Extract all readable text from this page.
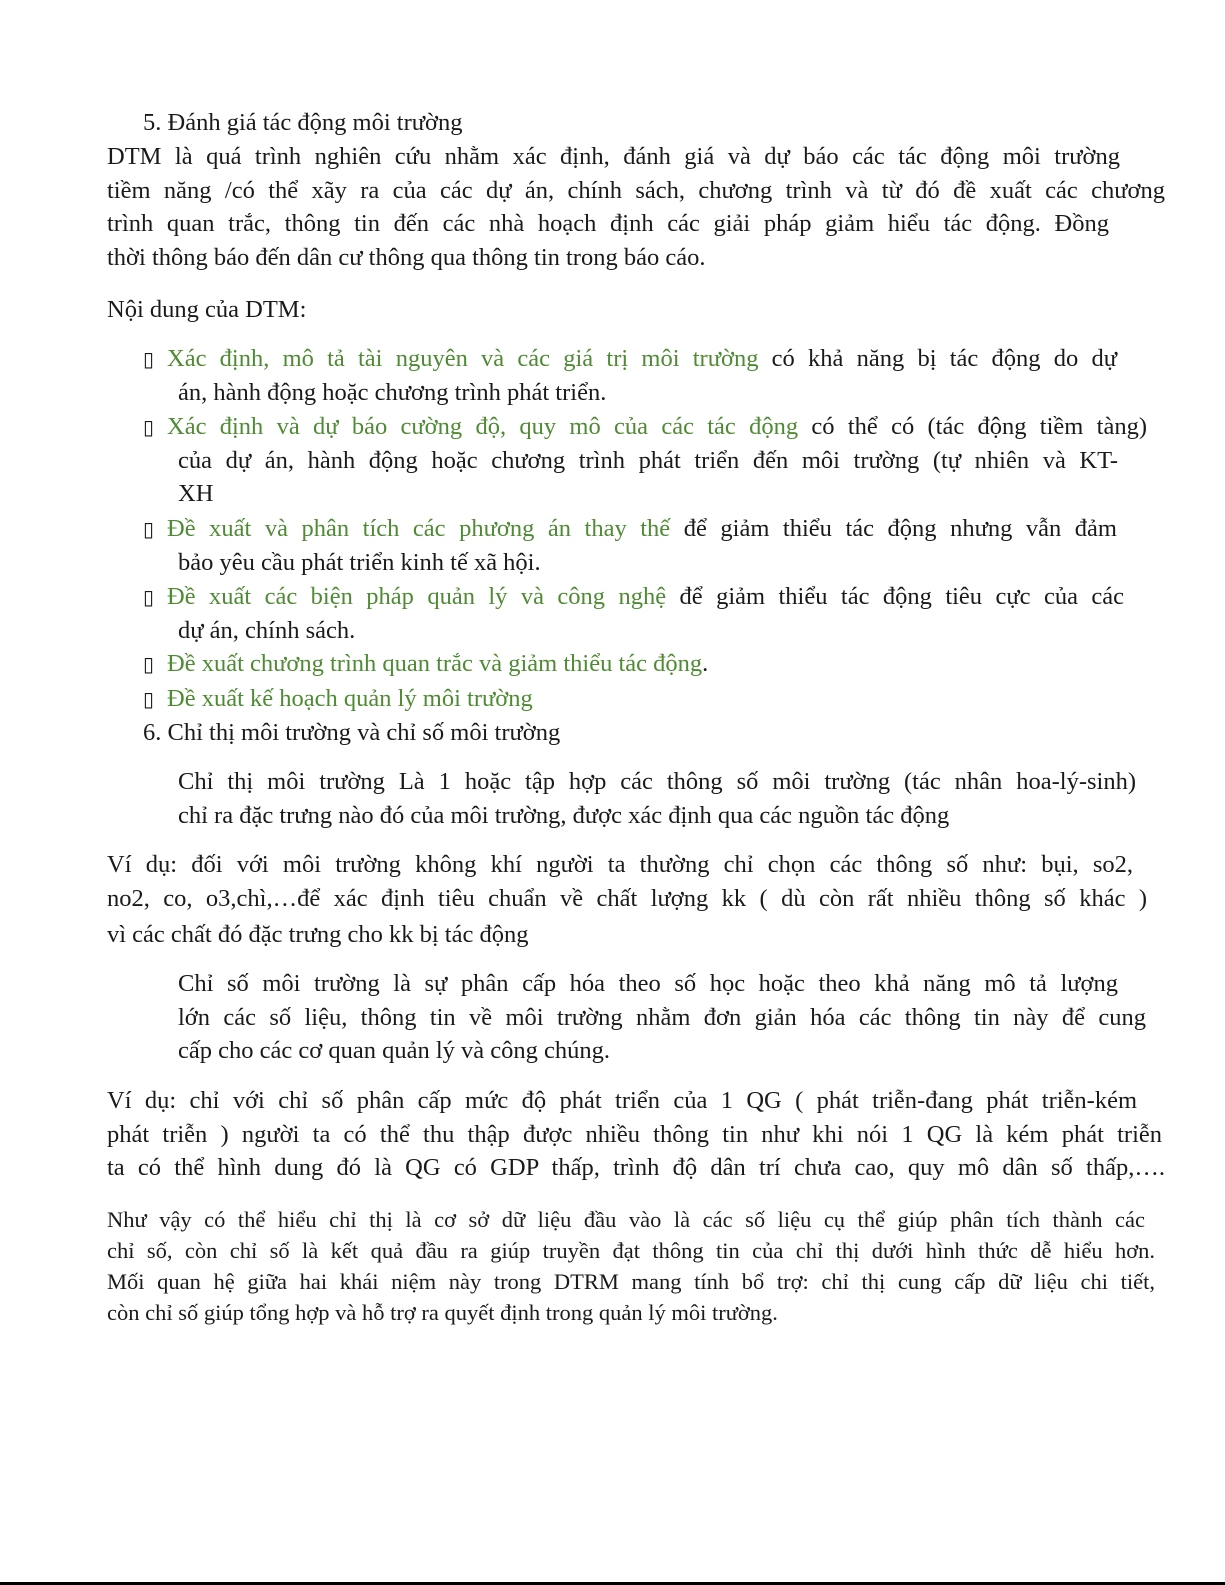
5. Đánh giá tác động môi trường
DTM là quá trình nghiên cứu nhằm xác định, đánh giá và dự báo các tác động môi trường
tiềm năng /có thể xãy ra của các dự án, chính sách, chương trình và từ đó đề xuất các chương
trình quan trắc, thông tin đến các nhà hoạch định các giải pháp giảm hiểu tác động. Đồng
thời thông báo đến dân cư thông qua thông tin trong báo cáo.
Nội dung của DTM:
▯ Xác định, mô tả tài nguyên và các giá trị môi trường có khả năng bị tác động do dự
án, hành động hoặc chương trình phát triển.
▯ Xác định và dự báo cường độ, quy mô của các tác động có thể có (tác động tiềm tàng)
của dự án, hành động hoặc chương trình phát triển đến môi trường (tự nhiên và KT-
XH
▯ Đề xuất và phân tích các phương án thay thế để giảm thiểu tác động nhưng vẫn đảm
bảo yêu cầu phát triển kinh tế xã hội.
▯ Đề xuất các biện pháp quản lý và công nghệ để giảm thiểu tác động tiêu cực của các
dự án, chính sách.
▯ Đề xuất chương trình quan trắc và giảm thiểu tác động.
▯ Đề xuất kế hoạch quản lý môi trường
6. Chỉ thị môi trường và chỉ số môi trường
Chỉ thị môi trường Là 1 hoặc tập hợp các thông số môi trường (tác nhân hoa-lý-sinh)
chỉ ra đặc trưng nào đó của môi trường, được xác định qua các nguồn tác động
Ví dụ: đối với môi trường không khí người ta thường chỉ chọn các thông số như: bụi, so2,
no2, co, o3,chì,…để xác định tiêu chuẩn về chất lượng kk ( dù còn rất nhiều thông số khác )
vì các chất đó đặc trưng cho kk bị tác động
Chỉ số môi trường là sự phân cấp hóa theo số học hoặc theo khả năng mô tả lượng
lớn các số liệu, thông tin về môi trường nhằm đơn giản hóa các thông tin này để cung
cấp cho các cơ quan quản lý và công chúng.
Ví dụ: chỉ với chỉ số phân cấp mức độ phát triển của 1 QG ( phát triễn-đang phát triễn-kém
phát triễn ) người ta có thể thu thập được nhiều thông tin như khi nói 1 QG là kém phát triễn
ta có thể hình dung đó là QG có GDP thấp, trình độ dân trí chưa cao, quy mô dân số thấp,….
Như vậy có thể hiểu chỉ thị là cơ sở dữ liệu đầu vào là các số liệu cụ thể giúp phân tích thành các
chỉ số, còn chỉ số là kết quả đầu ra giúp truyền đạt thông tin của chỉ thị dưới hình thức dễ hiểu hơn.
Mối quan hệ giữa hai khái niệm này trong DTRM mang tính bổ trợ: chỉ thị cung cấp dữ liệu chi tiết,
còn chỉ số giúp tổng hợp và hỗ trợ ra quyết định trong quản lý môi trường.
